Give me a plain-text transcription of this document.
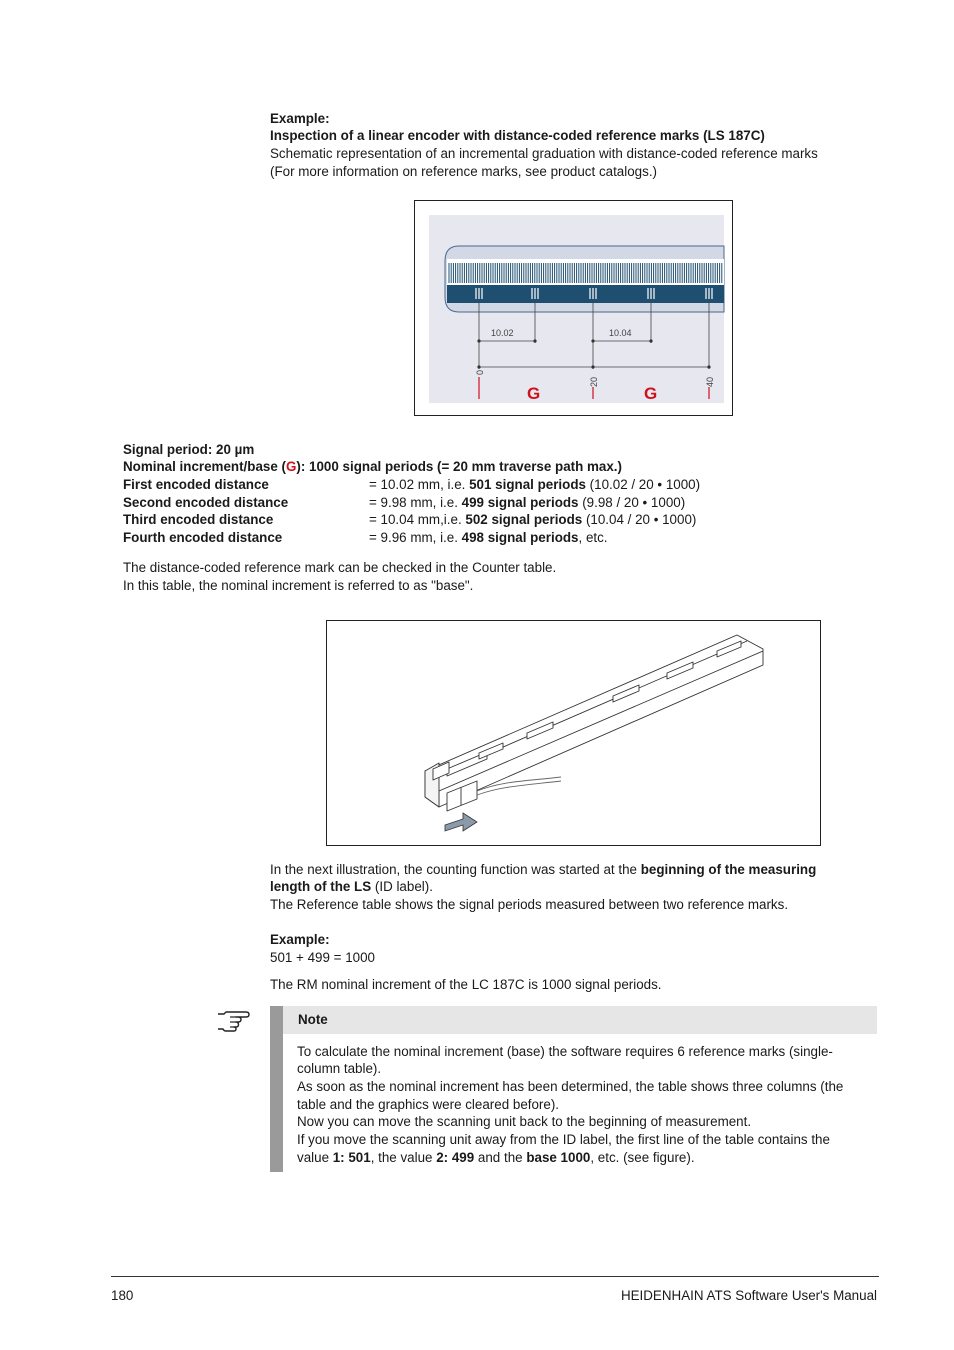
Example:
Inspection of a linear encoder with distance-coded reference marks (LS 187C)
Schematic representation of an incremental graduation with distance-coded reference marks
(For more information on reference marks, see product catalogs.)
10.02	10.04
0
20	40
G	G
Signal period: 20 µm
Nominal increment/base (G): 1000 signal periods (= 20 mm traverse path max.)
First encoded distance	= 10.02 mm, i.e. 501 signal periods (10.02 / 20 • 1000)
Second encoded distance	= 9.98 mm, i.e. 499 signal periods (9.98 / 20 • 1000)
Third encoded distance	= 10.04 mm,i.e. 502 signal periods (10.04 / 20 • 1000)
Fourth encoded distance	= 9.96 mm, i.e. 498 signal periods, etc.
The distance-coded reference mark can be checked in the Counter table.
In this table, the nominal increment is referred to as "base".
In the next illustration, the counting function was started at the beginning of the measuring
length of the LS (ID label).
The Reference table shows the signal periods measured between two reference marks.
Example:
501 + 499 = 1000
The RM nominal increment of the LC 187C is 1000 signal periods.
Note
To calculate the nominal increment (base) the software requires 6 reference marks (single-
column table).
As soon as the nominal increment has been determined, the table shows three columns (the
table and the graphics were cleared before).
Now you can move the scanning unit back to the beginning of measurement.
If you move the scanning unit away from the ID label, the first line of the table contains the
value 1: 501, the value 2: 499 and the base 1000, etc. (see figure).
180	HEIDENHAIN ATS Software User's Manual
